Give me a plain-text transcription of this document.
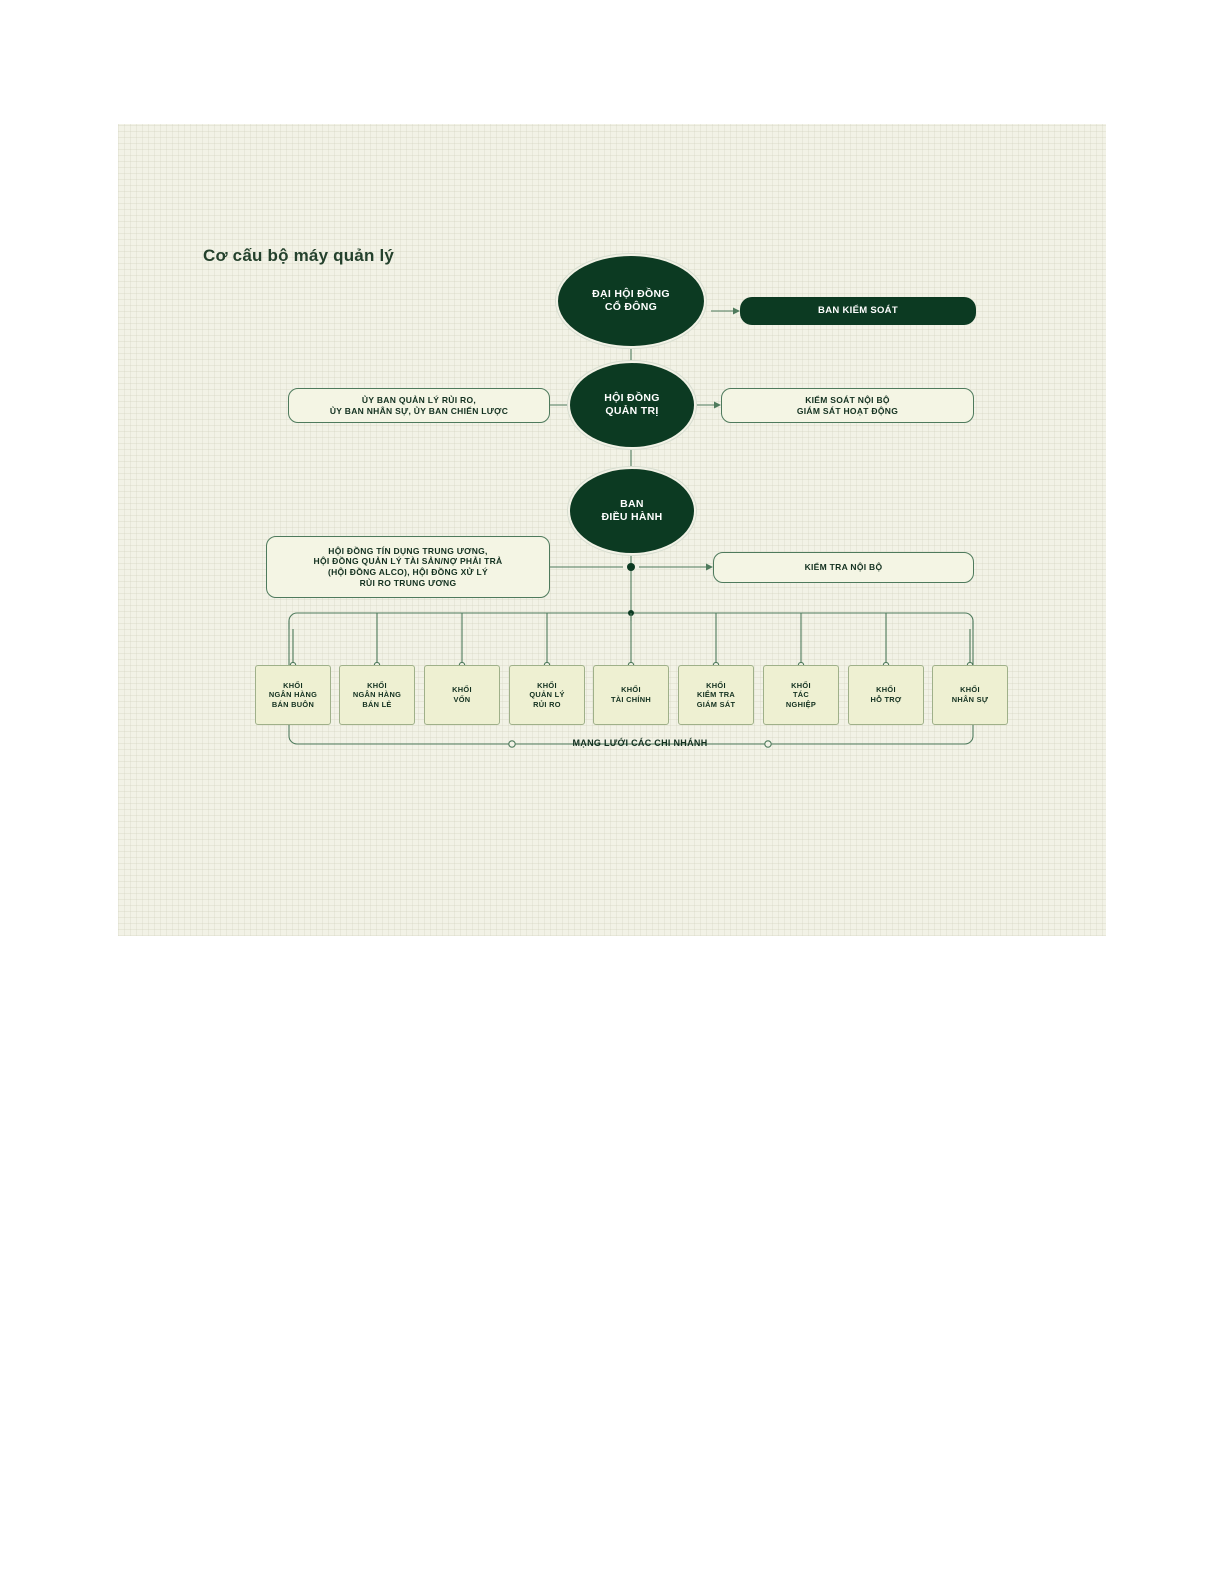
Cơ cấu bộ máy quản lý
ĐẠI HỘI ĐỒNG
CỔ ĐÔNG	BAN KIỂM SOÁT
HỘI ĐỒNG
QUẢN TRỊ
ỦY BAN QUẢN LÝ RỦI RO,
ỦY BAN NHÂN SỰ, ỦY BAN CHIẾN LƯỢC
KIỂM SOÁT NỘI BỘ
GIÁM SÁT HOẠT ĐỘNG
BAN
ĐIỀU HÀNH
HỘI ĐỒNG TÍN DỤNG TRUNG ƯƠNG,
HỘI ĐỒNG QUẢN LÝ TÀI SẢN/NỢ PHẢI TRẢ
(HỘI ĐỒNG ALCO), HỘI ĐỒNG XỬ LÝ
RỦI RO TRUNG ƯƠNG
KIỂM TRA NỘI BỘ
KHỐI
NGÂN HÀNG
BÁN BUÔN
KHỐI
NGÂN HÀNG
BÁN LẺ
KHỐI
VỐN
KHỐI
QUẢN LÝ
RỦI RO
KHỐI
TÀI CHÍNH
KHỐI
KIỂM TRA
GIÁM SÁT
KHỐI
TÁC
NGHIỆP
KHỐI
HỖ TRỢ
KHỐI
NHÂN SỰ
MẠNG LƯỚI CÁC CHI NHÁNH
